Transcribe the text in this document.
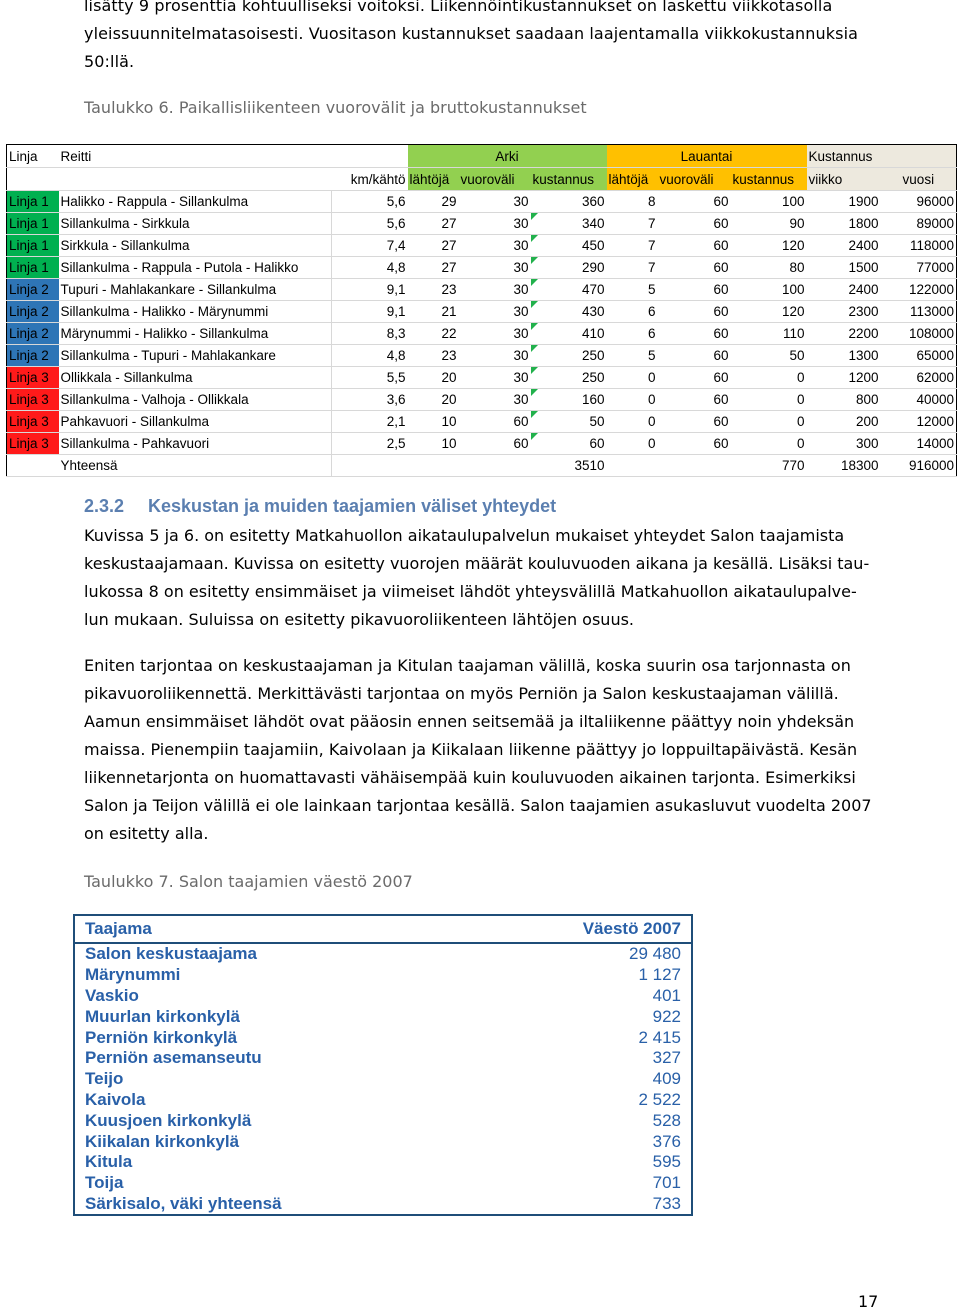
lisätty 9 prosenttia kohtuulliseksi voitoksi. Liikennöintikustannukset on laskettu viikkotasolla
yleissuunnitelmatasoisesti. Vuositason kustannukset saadaan laajentamalla viikkokustannuksia
50:llä.
Taulukko 6. Paikallisliikenteen vuorovälit ja bruttokustannukset
Linja	Reitti		Arki			Lauantai			Kustannus	
		km/kähtö	lähtöjä	vuoroväli	kustannus	lähtöjä	vuoroväli	kustannus	viikko	vuosi
Linja 1	Halikko - Rappula - Sillankulma	5,6	29	30	360	8	60	100	1900	96000
Linja 1	Sillankulma - Sirkkula	5,6	27	30	340	7	60	90	1800	89000
Linja 1	Sirkkula - Sillankulma	7,4	27	30	450	7	60	120	2400	118000
Linja 1	Sillankulma - Rappula - Putola - Halikko	4,8	27	30	290	7	60	80	1500	77000
Linja 2	Tupuri - Mahlakankare - Sillankulma	9,1	23	30	470	5	60	100	2400	122000
Linja 2	Sillankulma - Halikko - Märynummi	9,1	21	30	430	6	60	120	2300	113000
Linja 2	Märynummi - Halikko - Sillankulma	8,3	22	30	410	6	60	110	2200	108000
Linja 2	Sillankulma - Tupuri - Mahlakankare	4,8	23	30	250	5	60	50	1300	65000
Linja 3	Ollikkala - Sillankulma	5,5	20	30	250	0	60	0	1200	62000
Linja 3	Sillankulma - Valhoja - Ollikkala	3,6	20	30	160	0	60	0	800	40000
Linja 3	Pahkavuori - Sillankulma	2,1	10	60	50	0	60	0	200	12000
Linja 3	Sillankulma - Pahkavuori	2,5	10	60	60	0	60	0	300	14000
	Yhteensä				3510			770	18300	916000
2.3.2 Keskustan ja muiden taajamien väliset yhteydet
Kuvissa 5 ja 6. on esitetty Matkahuollon aikataulupalvelun mukaiset yhteydet Salon taajamista
keskustaajamaan. Kuvissa on esitetty vuorojen määrät kouluvuoden aikana ja kesällä. Lisäksi tau-
lukossa 8 on esitetty ensimmäiset ja viimeiset lähdöt yhteysvälillä Matkahuollon aikataulupalve-
lun mukaan. Suluissa on esitetty pikavuoroliikenteen lähtöjen osuus.
Eniten tarjontaa on keskustaajaman ja Kitulan taajaman välillä, koska suurin osa tarjonnasta on
pikavuoroliikennettä. Merkittävästi tarjontaa on myös Perniön ja Salon keskustaajaman välillä.
Aamun ensimmäiset lähdöt ovat pääosin ennen seitsemää ja iltaliikenne päättyy noin yhdeksän
maissa. Pienempiin taajamiin, Kaivolaan ja Kiikalaan liikenne päättyy jo loppuiltapäivästä. Kesän
liikennetarjonta on huomattavasti vähäisempää kuin kouluvuoden aikainen tarjonta. Esimerkiksi
Salon ja Teijon välillä ei ole lainkaan tarjontaa kesällä. Salon taajamien asukasluvut vuodelta 2007
on esitetty alla.
Taulukko 7. Salon taajamien väestö 2007
Taajama	Väestö 2007
Salon keskustaajama	29 480
Märynummi	1 127
Vaskio	401
Muurlan kirkonkylä	922
Perniön kirkonkylä	2 415
Perniön asemanseutu	327
Teijo	409
Kaivola	2 522
Kuusjoen kirkonkylä	528
Kiikalan kirkonkylä	376
Kitula	595
Toija	701
Särkisalo, väki yhteensä	733
17
